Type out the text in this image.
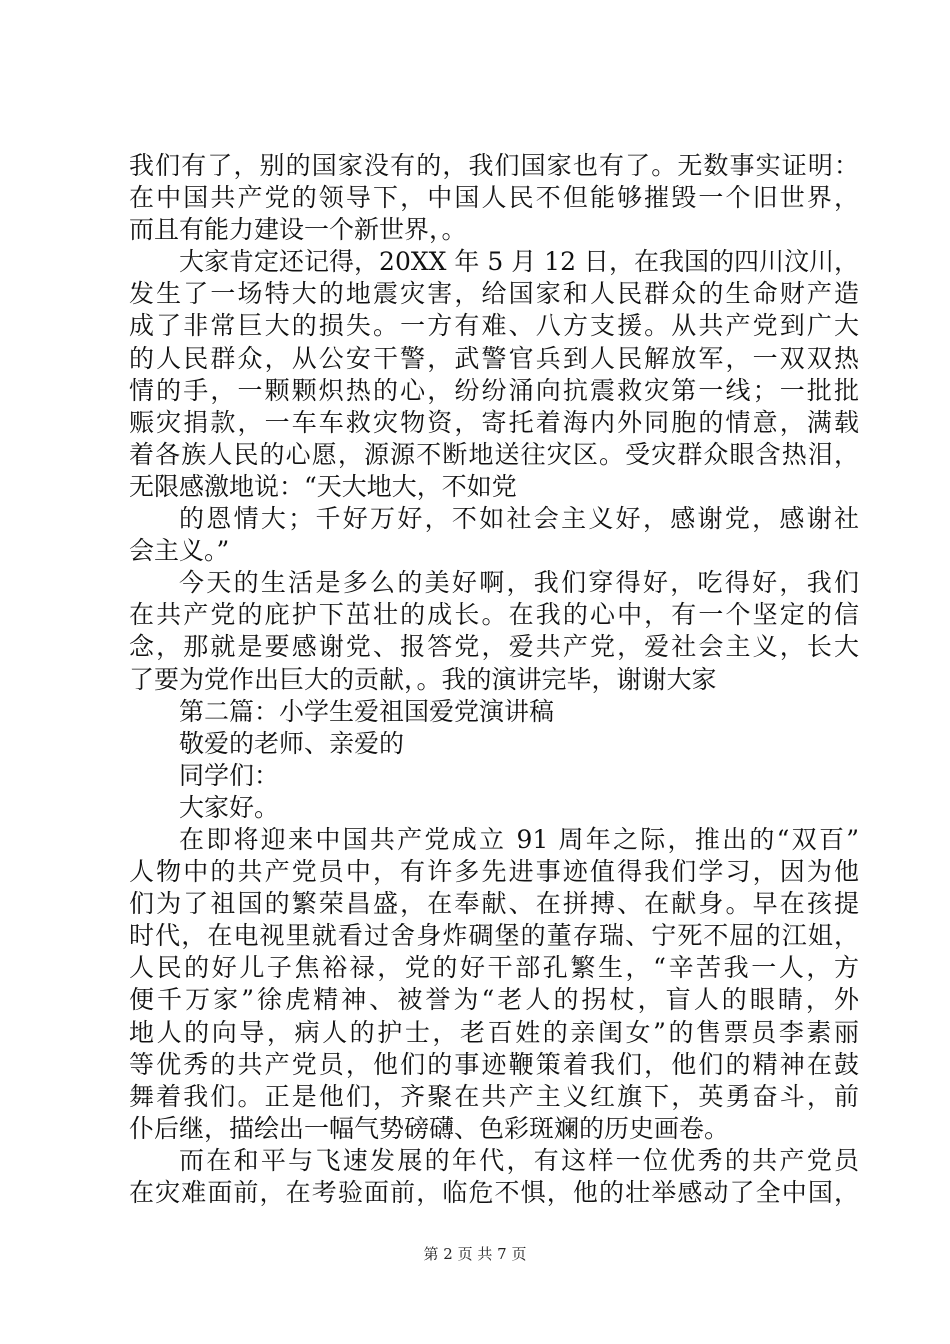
我们有了，别的国家没有的，我们国家也有了。无数事实证明：
在中国共产党的领导下，中国人民不但能够摧毁一个旧世界，
而且有能力建设一个新世界，。
大家肯定还记得，20XX 年 5 月 12 日，在我国的四川汶川，
发生了一场特大的地震灾害，给国家和人民群众的生命财产造
成了非常巨大的损失。一方有难、八方支援。从共产党到广大
的人民群众，从公安干警，武警官兵到人民解放军，一双双热
情的手，一颗颗炽热的心，纷纷涌向抗震救灾第一线；一批批
赈灾捐款，一车车救灾物资，寄托着海内外同胞的情意，满载
着各族人民的心愿，源源不断地送往灾区。受灾群众眼含热泪，
无限感激地说：“天大地大，不如党
的恩情大；千好万好，不如社会主义好，感谢党，感谢社
会主义。”
今天的生活是多么的美好啊，我们穿得好，吃得好，我们
在共产党的庇护下茁壮的成长。在我的心中，有一个坚定的信
念，那就是要感谢党、报答党，爱共产党，爱社会主义，长大
了要为党作出巨大的贡献，。我的演讲完毕，谢谢大家
第二篇：小学生爱祖国爱党演讲稿
敬爱的老师、亲爱的
同学们：
大家好。
在即将迎来中国共产党成立 91 周年之际，推出的“双百”
人物中的共产党员中，有许多先进事迹值得我们学习，因为他
们为了祖国的繁荣昌盛，在奉献、在拼搏、在献身。早在孩提
时代，在电视里就看过舍身炸碉堡的董存瑞、宁死不屈的江姐，
人民的好儿子焦裕禄，党的好干部孔繁生，“辛苦我一人，方
便千万家”徐虎精神、被誉为“老人的拐杖，盲人的眼睛，外
地人的向导，病人的护士，老百姓的亲闺女”的售票员李素丽
等优秀的共产党员，他们的事迹鞭策着我们，他们的精神在鼓
舞着我们。正是他们，齐聚在共产主义红旗下，英勇奋斗，前
仆后继，描绘出一幅气势磅礴、色彩斑斓的历史画卷。
而在和平与飞速发展的年代，有这样一位优秀的共产党员
在灾难面前，在考验面前，临危不惧，他的壮举感动了全中国，
第 2 页 共 7 页
